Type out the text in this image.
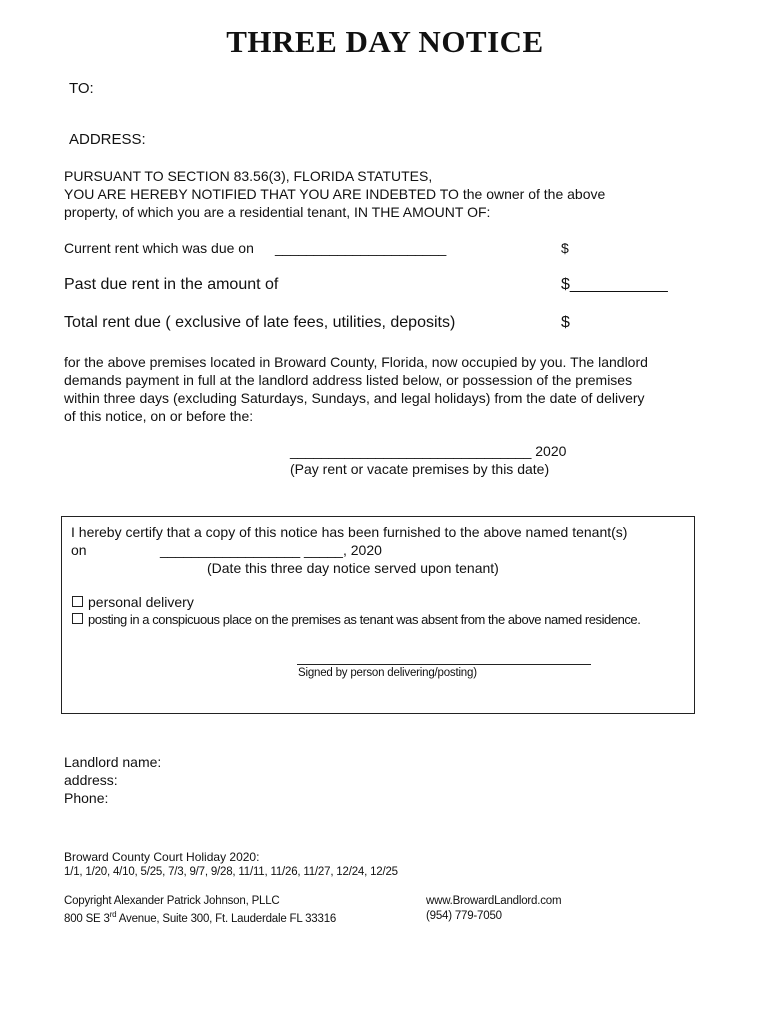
THREE DAY NOTICE
TO:
ADDRESS:
PURSUANT TO SECTION 83.56(3), FLORIDA STATUTES,
YOU ARE HEREBY NOTIFIED THAT YOU ARE INDEBTED TO the owner of the above
property, of which you are a residential tenant, IN THE AMOUNT OF:
Current rent which was due on ______________________	$
Past due rent in the amount of	$___________
Total rent due ( exclusive of late fees, utilities, deposits)	$
for the above premises located in Broward County, Florida, now occupied by you. The landlord
demands payment in full at the landlord address listed below, or possession of the premises
within three days (excluding Saturdays, Sundays, and legal holidays) from the date of delivery
of this notice, on or before the:
_______________________________ 2020
(Pay rent or vacate premises by this date)
I hereby certify that a copy of this notice has been furnished to the above named tenant(s)
on	__________________ _____, 2020
(Date this three day notice served upon tenant)
personal delivery
posting in a conspicuous place on the premises as tenant was absent from the above named residence.
Signed by person delivering/posting)
Landlord name:
address:
Phone:
Broward County Court Holiday 2020:
1/1, 1/20, 4/10, 5/25, 7/3, 9/7, 9/28, 11/11, 11/26, 11/27, 12/24, 12/25
Copyright Alexander Patrick Johnson, PLLC
800 SE 3rd Avenue, Suite 300, Ft. Lauderdale FL 33316
www.BrowardLandlord.com
(954) 779-7050
